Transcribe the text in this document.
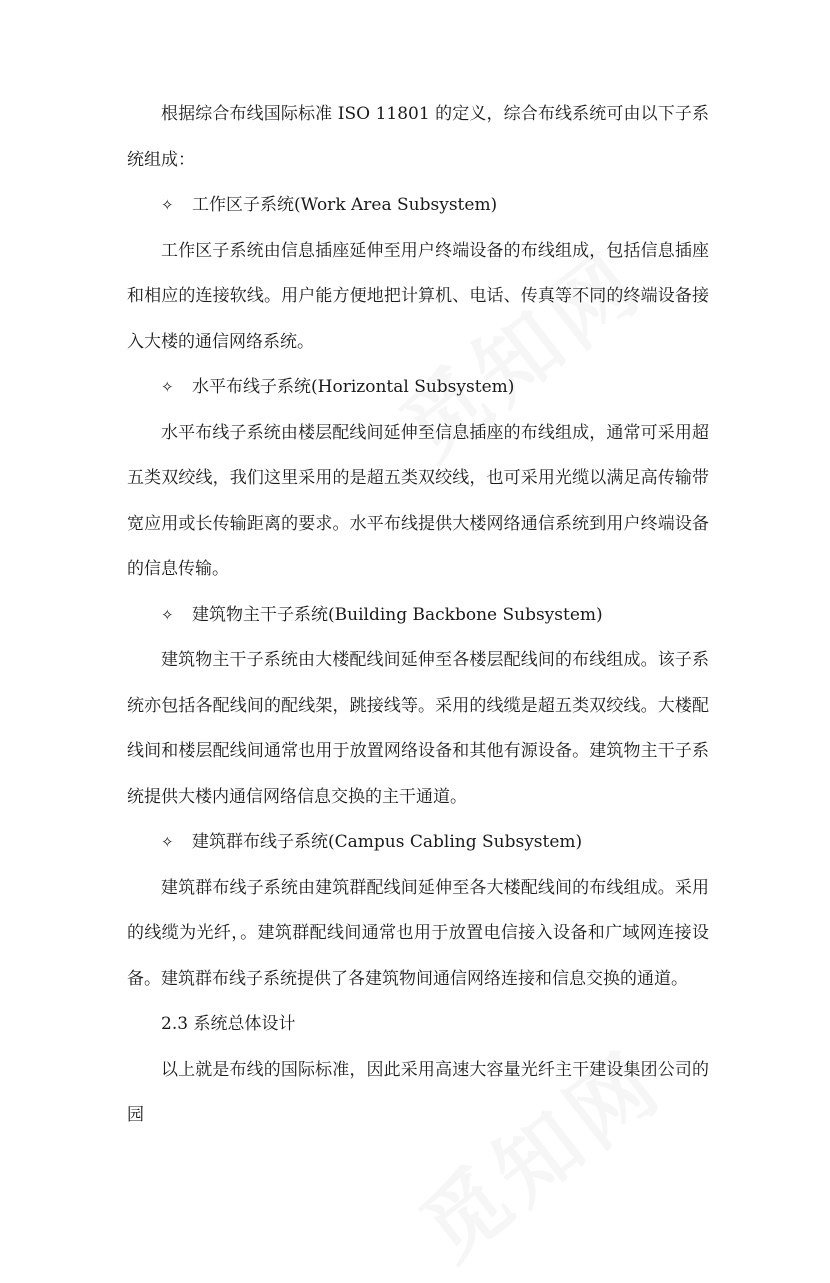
根据综合布线国际标准 ISO 11801 的定义，综合布线系统可由以下子系统组成：

✧ 工作区子系统(Work Area Subsystem)

工作区子系统由信息插座延伸至用户终端设备的布线组成，包括信息插座和相应的连接软线。用户能方便地把计算机、电话、传真等不同的终端设备接入大楼的通信网络系统。

✧ 水平布线子系统(Horizontal Subsystem)

水平布线子系统由楼层配线间延伸至信息插座的布线组成，通常可采用超五类双绞线，我们这里采用的是超五类双绞线，也可采用光缆以满足高传输带宽应用或长传输距离的要求。水平布线提供大楼网络通信系统到用户终端设备的信息传输。

✧ 建筑物主干子系统(Building Backbone Subsystem)

建筑物主干子系统由大楼配线间延伸至各楼层配线间的布线组成。该子系统亦包括各配线间的配线架，跳接线等。采用的线缆是超五类双绞线。大楼配线间和楼层配线间通常也用于放置网络设备和其他有源设备。建筑物主干子系统提供大楼内通信网络信息交换的主干通道。

✧ 建筑群布线子系统(Campus Cabling Subsystem)

建筑群布线子系统由建筑群配线间延伸至各大楼配线间的布线组成。采用的线缆为光纤，。建筑群配线间通常也用于放置电信接入设备和广域网连接设备。建筑群布线子系统提供了各建筑物间通信网络连接和信息交换的通道。

2.3 系统总体设计

以上就是布线的国际标准，因此采用高速大容量光纤主干建设集团公司的园
